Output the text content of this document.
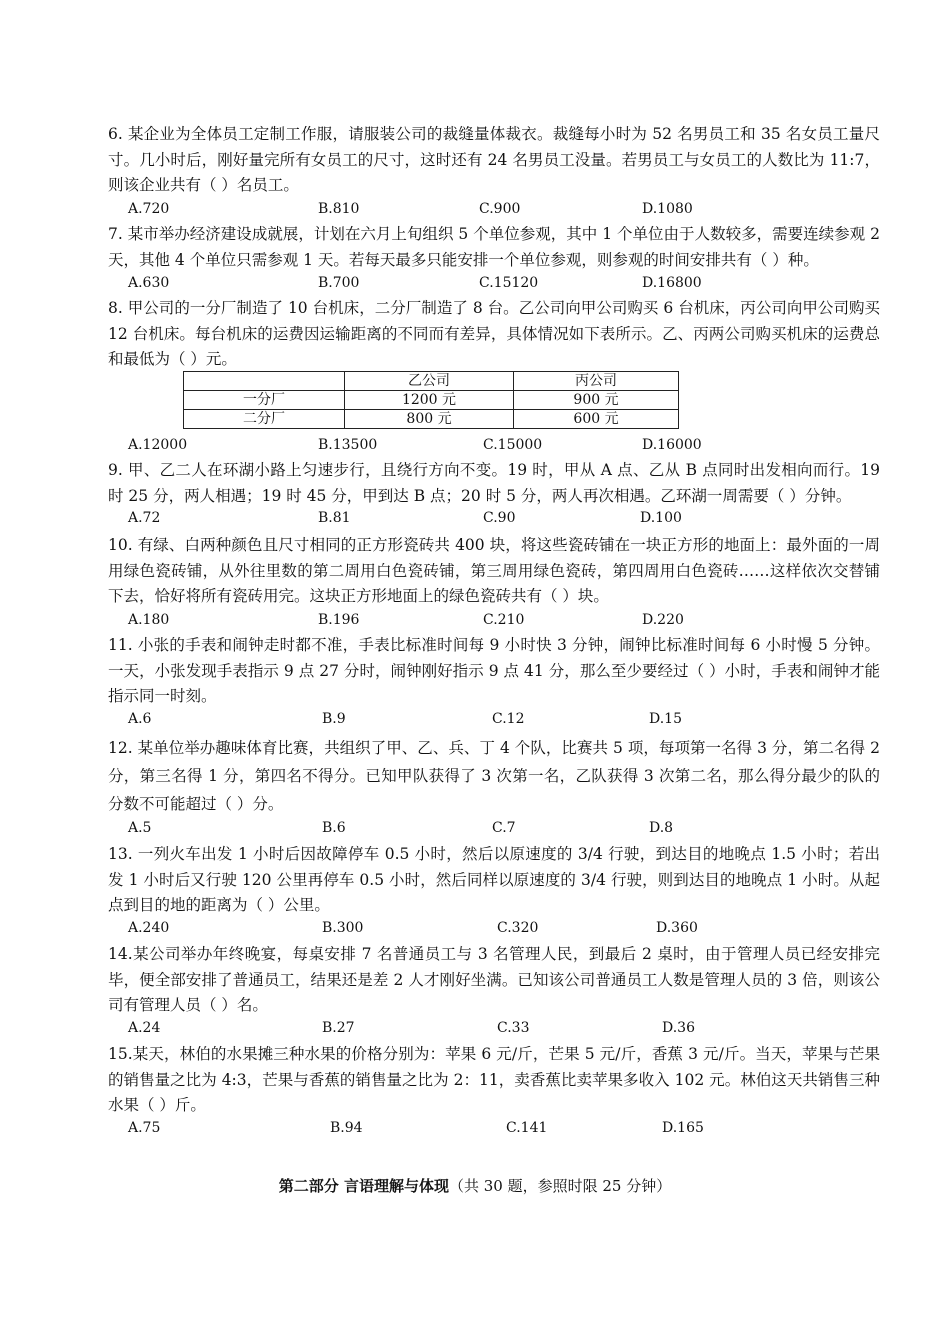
6. 某企业为全体员工定制工作服，请服装公司的裁缝量体裁衣。裁缝每小时为 52 名男员工和 35 名女员工量尺寸。几小时后，刚好量完所有女员工的尺寸，这时还有 24 名男员工没量。若男员工与女员工的人数比为 11:7，则该企业共有（ ）名员工。
A.720	B.810	C.900	D.1080
7. 某市举办经济建设成就展，计划在六月上旬组织 5 个单位参观，其中 1 个单位由于人数较多，需要连续参观 2 天，其他 4 个单位只需参观 1 天。若每天最多只能安排一个单位参观，则参观的时间安排共有（ ）种。
A.630	B.700	C.15120	D.16800
8. 甲公司的一分厂制造了 10 台机床，二分厂制造了 8 台。乙公司向甲公司购买 6 台机床，丙公司向甲公司购买 12 台机床。每台机床的运费因运输距离的不同而有差异，具体情况如下表所示。乙、丙两公司购买机床的运费总和最低为（ ）元。
	乙公司	丙公司
一分厂	1200 元	900 元
二分厂	800 元	600 元
A.12000	B.13500	C.15000	D.16000
9. 甲、乙二人在环湖小路上匀速步行，且绕行方向不变。19 时，甲从 A 点、乙从 B 点同时出发相向而行。19 时 25 分，两人相遇；19 时 45 分，甲到达 B 点；20 时 5 分，两人再次相遇。乙环湖一周需要（ ）分钟。
A.72	B.81	C.90	D.100
10. 有绿、白两种颜色且尺寸相同的正方形瓷砖共 400 块，将这些瓷砖铺在一块正方形的地面上：最外面的一周用绿色瓷砖铺，从外往里数的第二周用白色瓷砖铺，第三周用绿色瓷砖，第四周用白色瓷砖……这样依次交替铺下去，恰好将所有瓷砖用完。这块正方形地面上的绿色瓷砖共有（ ）块。
A.180	B.196	C.210	D.220
11. 小张的手表和闹钟走时都不准，手表比标准时间每 9 小时快 3 分钟，闹钟比标准时间每 6 小时慢 5 分钟。一天，小张发现手表指示 9 点 27 分时，闹钟刚好指示 9 点 41 分，那么至少要经过（ ）小时，手表和闹钟才能指示同一时刻。
A.6	B.9	C.12	D.15
12. 某单位举办趣味体育比赛，共组织了甲、乙、兵、丁 4 个队，比赛共 5 项，每项第一名得 3 分，第二名得 2 分，第三名得 1 分，第四名不得分。已知甲队获得了 3 次第一名，乙队获得 3 次第二名，那么得分最少的队的分数不可能超过（ ）分。
A.5	B.6	C.7	D.8
13. 一列火车出发 1 小时后因故障停车 0.5 小时，然后以原速度的 3/4 行驶，到达目的地晚点 1.5 小时；若出发 1 小时后又行驶 120 公里再停车 0.5 小时，然后同样以原速度的 3/4 行驶，则到达目的地晚点 1 小时。从起点到目的地的距离为（ ）公里。
A.240	B.300	C.320	D.360
14.某公司举办年终晚宴，每桌安排 7 名普通员工与 3 名管理人民，到最后 2 桌时，由于管理人员已经安排完毕，便全部安排了普通员工，结果还是差 2 人才刚好坐满。已知该公司普通员工人数是管理人员的 3 倍，则该公司有管理人员（ ）名。
A.24	B.27	C.33	D.36
15.某天，林伯的水果摊三种水果的价格分别为：苹果 6 元/斤，芒果 5 元/斤，香蕉 3 元/斤。当天，苹果与芒果的销售量之比为 4:3，芒果与香蕉的销售量之比为 2：11，卖香蕉比卖苹果多收入 102 元。林伯这天共销售三种水果（ ）斤。
A.75	B.94	C.141	D.165
第二部分 言语理解与体现（共 30 题，参照时限 25 分钟）
